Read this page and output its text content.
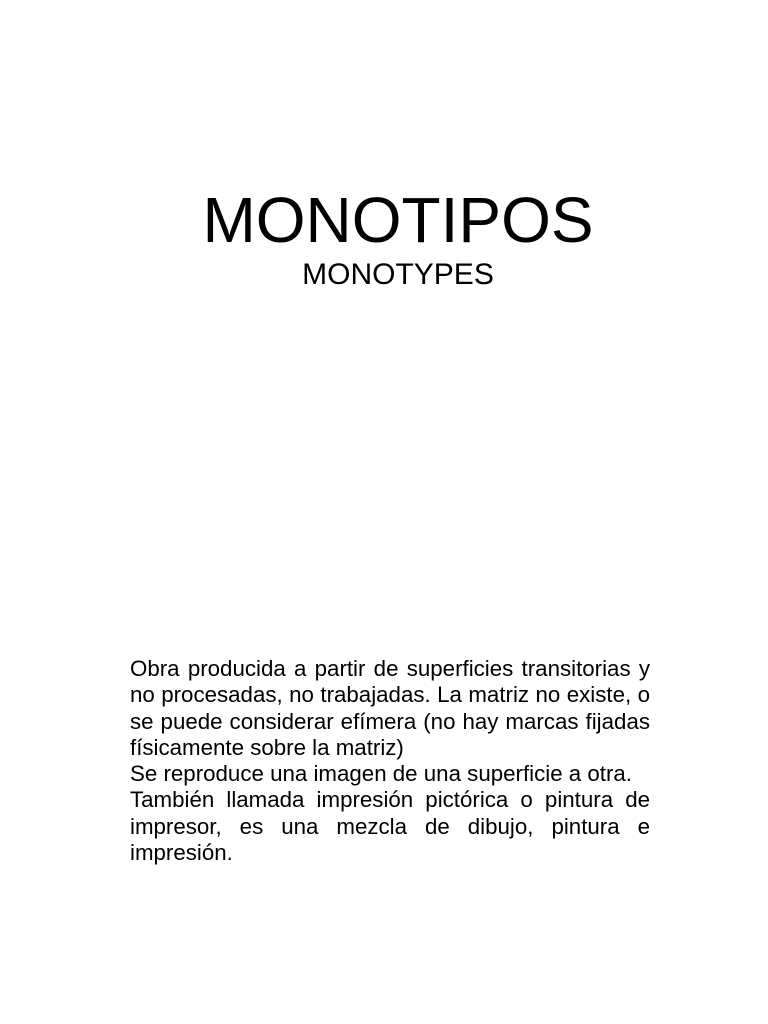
MONOTIPOS
MONOTYPES

Obra producida a partir de superficies transitorias y no procesadas, no trabajadas. La matriz no existe, o se puede considerar efímera (no hay marcas fijadas físicamente sobre la matriz)

Se reproduce una imagen de una superficie a otra.

También llamada impresión pictórica o pintura de impresor, es una mezcla de dibujo, pintura e impresión.
